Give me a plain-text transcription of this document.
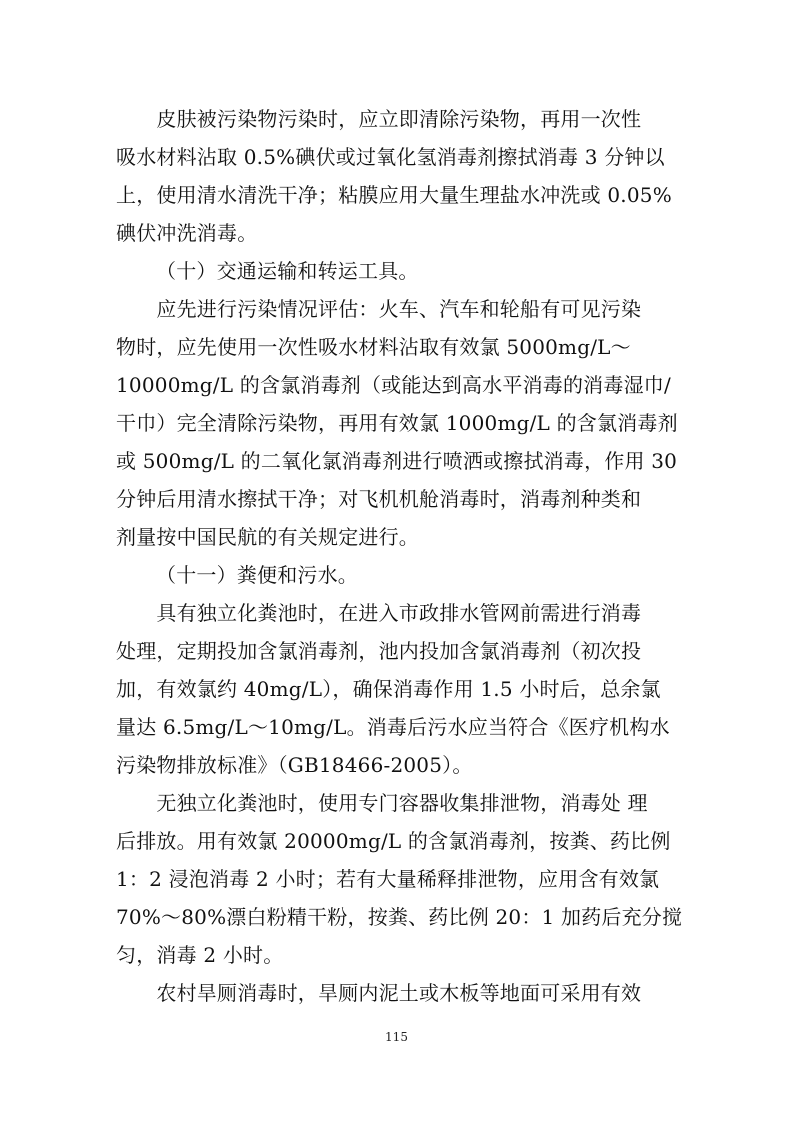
　　皮肤被污染物污染时，应立即清除污染物，再用一次性
吸水材料沾取 0.5%碘伏或过氧化氢消毒剂擦拭消毒 3 分钟以
上，使用清水清洗干净；粘膜应用大量生理盐水冲洗或 0.05%
碘伏冲洗消毒。
（十）交通运输和转运工具。
　　应先进行污染情况评估：火车、汽车和轮船有可见污染
物时，应先使用一次性吸水材料沾取有效氯 5000mg/L～
10000mg/L 的含氯消毒剂（或能达到高水平消毒的消毒湿巾/
干巾）完全清除污染物，再用有效氯 1000mg/L 的含氯消毒剂
或 500mg/L 的二氧化氯消毒剂进行喷洒或擦拭消毒，作用 30
分钟后用清水擦拭干净；对飞机机舱消毒时，消毒剂种类和
剂量按中国民航的有关规定进行。
（十一）粪便和污水。
　　具有独立化粪池时，在进入市政排水管网前需进行消毒
处理，定期投加含氯消毒剂，池内投加含氯消毒剂（初次投
加，有效氯约 40mg/L），确保消毒作用 1.5 小时后，总余氯
量达 6.5mg/L～10mg/L。消毒后污水应当符合《医疗机构水
污染物排放标准》（GB18466-2005）。
　　无独立化粪池时，使用专门容器收集排泄物，消毒处 理
后排放。用有效氯 20000mg/L 的含氯消毒剂，按粪、药比例
1：2 浸泡消毒 2 小时；若有大量稀释排泄物，应用含有效氯
70%～80%漂白粉精干粉，按粪、药比例 20：1 加药后充分搅
匀，消毒 2 小时。
　　农村旱厕消毒时，旱厕内泥土或木板等地面可采用有效
115
